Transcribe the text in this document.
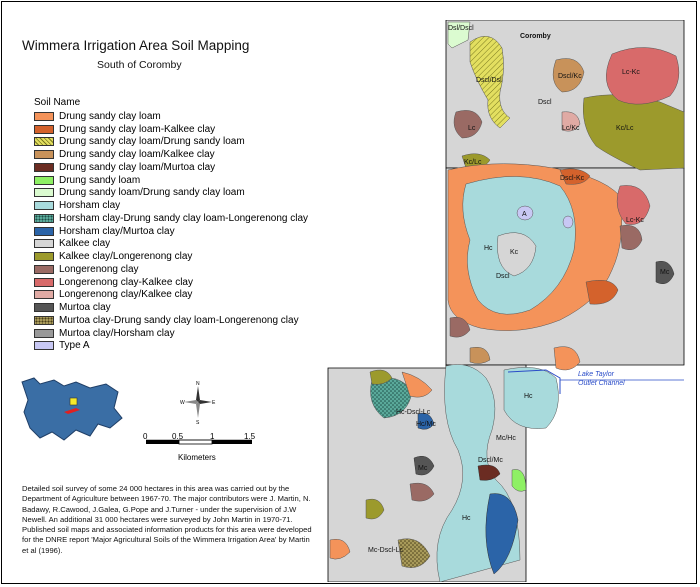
Wimmera Irrigation Area Soil Mapping
South of Coromby
Soil Name
Drung sandy clay loam
Drung sandy clay loam-Kalkee clay
Drung sandy clay loam/Drung sandy loam
Drung sandy clay loam/Kalkee clay
Drung sandy clay loam/Murtoa clay
Drung sandy loam
Drung sandy loam/Drung sandy clay loam
Horsham clay
Horsham clay-Drung sandy clay loam-Longerenong clay
Horsham clay/Murtoa clay
Kalkee clay
Kalkee clay/Longerenong clay
Longerenong clay
Longerenong clay-Kalkee clay
Longerenong clay/Kalkee clay
Murtoa clay
Murtoa clay-Drung sandy clay loam-Longerenong clay
Murtoa clay/Horsham clay
Type A
N
S
W	E
0	0.5	1	1.5
Kilometers
Detailed soil survey of some 24 000 hectares in this area was carried out by the Department of Agriculture between 1967-70. The major contributors were J. Martin, N. Badawy, R.Cawood, J.Galea, G.Pope and J.Turner - under the supervision of J.W Newell. An additional 31 000 hectares were surveyed by John Martin in 1970-71. Published soil maps and associated information products for this area were developed for the DNRE report 'Major Agricultural Soils of the Wimmera Irrigation Area' by Martin et al (1996).
Dsl/Dscl
Coromby
Dscl/Dsl
Dscl/Kc
Lc-Kc
Dscl
Lc	Lc/Kc	Kc/Lc
Kc/Lc
Dscl-Kc
A
Hc
Kc
Dscl
Lc-Kc
Mc
Lake Taylor
Outlet Channel
Hc
Hc-Dscl-Lc
Hc/Mc
Mc
Hc
Mc-Dscl-Lc
Mc/Hc
Dscl/Mc
